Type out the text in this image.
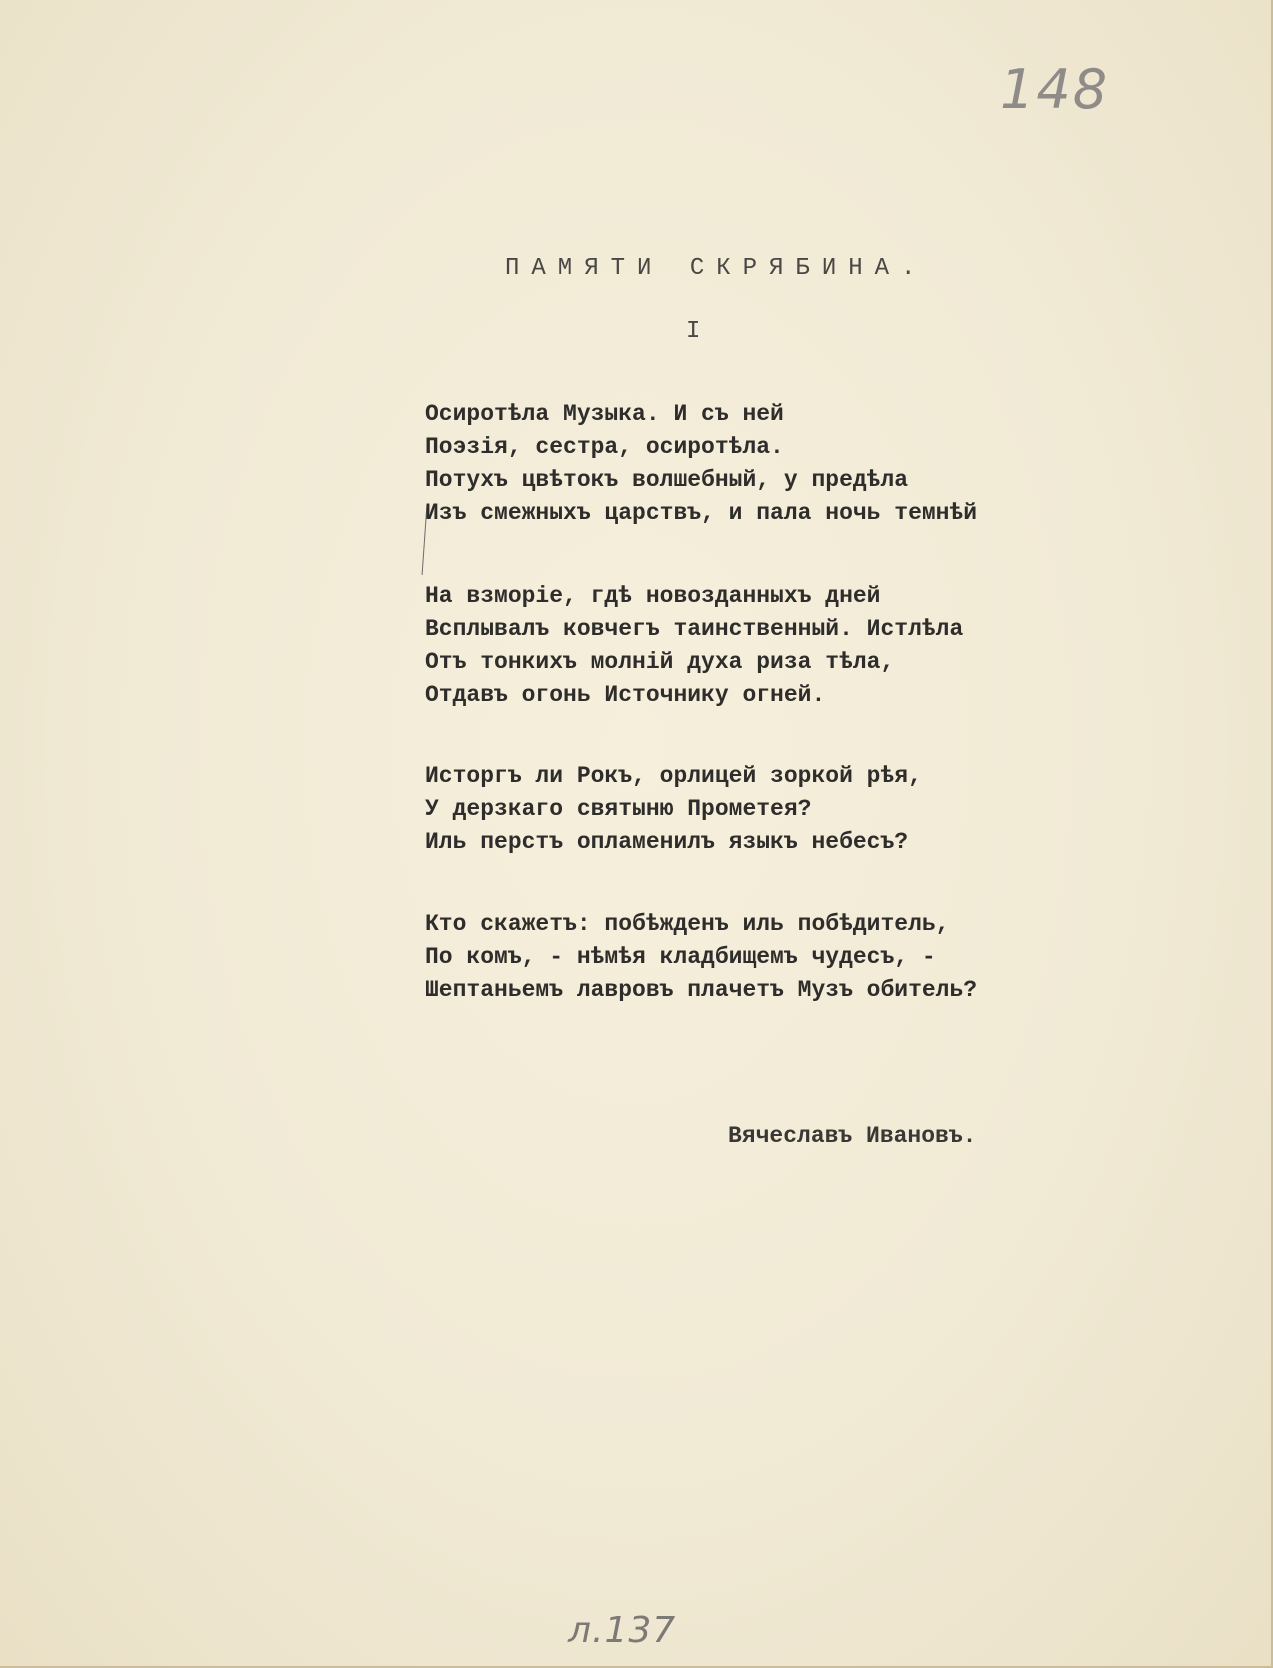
148
ПАМЯТИ СКРЯБИНА.
I
Осиротѣла Музыка. И съ ней
Поэзія, сестра, осиротѣла.
Потухъ цвѣтокъ волшебный, у предѣла
Изъ смежныхъ царствъ, и пала ночь темнѣй
На взморіе, гдѣ новозданныхъ дней
Всплывалъ ковчегъ таинственный. Истлѣла
Отъ тонкихъ молній духа риза тѣла,
Отдавъ огонь Источнику огней.
Исторгъ ли Рокъ, орлицей зоркой рѣя,
У дерзкаго святыню Прометея?
Иль перстъ опламенилъ языкъ небесъ?
Кто скажетъ: побѣжденъ иль побѣдитель,
По комъ, - нѣмѣя кладбищемъ чудесъ, -
Шептаньемъ лавровъ плачетъ Музъ обитель?
Вячеславъ Ивановъ.
л.137
